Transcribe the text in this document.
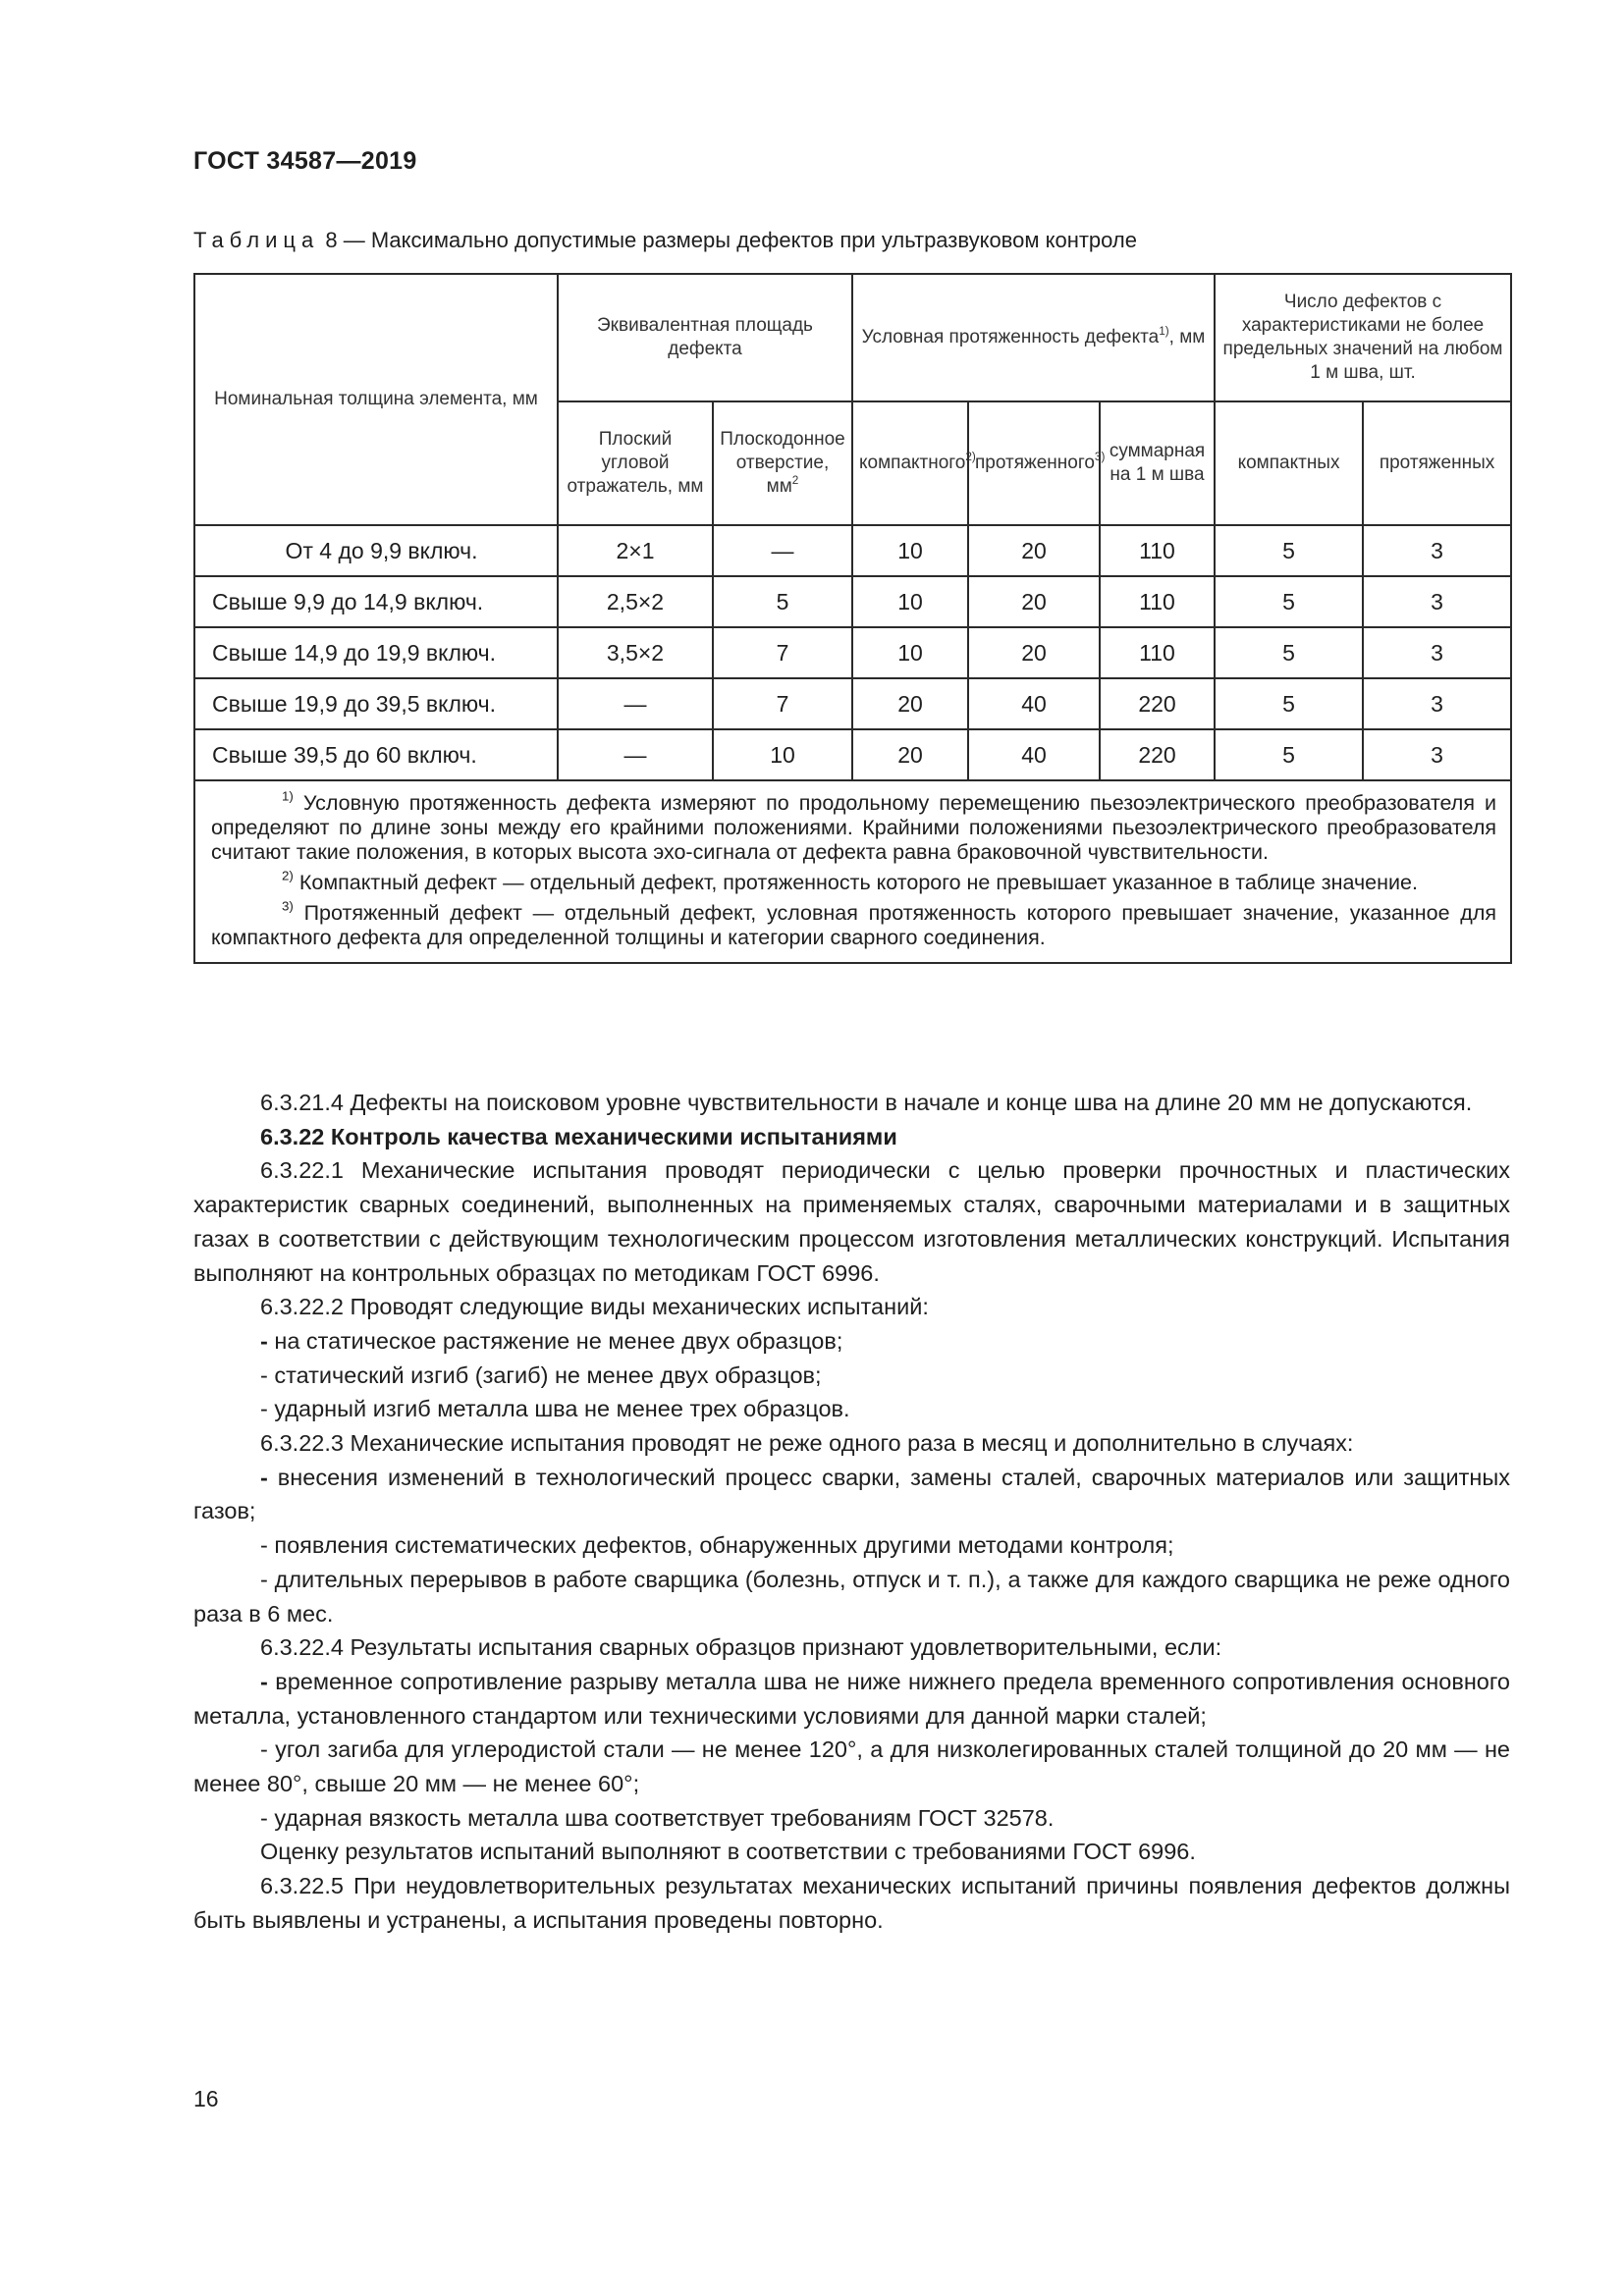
ГОСТ 34587—2019
Таблица 8 — Максимально допустимые размеры дефектов при ультразвуковом контроле
Номинальная толщина элемента, мм	Эквивалентная площадь дефекта		Условная протяженность дефекта$^{1)}$, мм			Число дефектов с характеристиками не более предельных значений на любом 1 м шва, шт.	
	Плоский угловой отражатель, мм	Плоскодонное отверстие, $мм^2$	компактного$^{2)}$	протяженного$^{3)}$	суммарная на 1 м шва	компактных	протяженных
От 4 до 9,9 включ.	2×1	—	10	20	110	5	3
Свыше 9,9 до 14,9 включ.	2,5×2	5	10	20	110	5	3
Свыше 14,9 до 19,9 включ.	3,5×2	7	10	20	110	5	3
Свыше 19,9 до 39,5 включ.	—	7	20	40	220	5	3
Свыше 39,5 до 60 включ.	—	10	20	40	220	5	3

$^{1)}$ Условную протяженность дефекта измеряют по продольному перемещению пьезоэлектрического преобразователя и определяют по длине зоны между его крайними положениями. Крайними положениями пьезоэлектрического преобразователя считают такие положения, в которых высота эхо-сигнала от дефекта равна браковочной чувствительности.

$^{2)}$ Компактный дефект — отдельный дефект, протяженность которого не превышает указанное в таблице значение.

$^{3)}$ Протяженный дефект — отдельный дефект, условная протяженность которого превышает значение, указанное для компактного дефекта для определенной толщины и категории сварного соединения.							

6.3.21.4 Дефекты на поисковом уровне чувствительности в начале и конце шва на длине 20 мм не допускаются.

6.3.22 Контроль качества механическими испытаниями

6.3.22.1 Механические испытания проводят периодически с целью проверки прочностных и пластических характеристик сварных соединений, выполненных на применяемых сталях, сварочными материалами и в защитных газах в соответствии с действующим технологическим процессом изготовления металлических конструкций. Испытания выполняют на контрольных образцах по методикам ГОСТ 6996.

6.3.22.2 Проводят следующие виды механических испытаний:

- на статическое растяжение не менее двух образцов;

- статический изгиб (загиб) не менее двух образцов;

- ударный изгиб металла шва не менее трех образцов.

6.3.22.3 Механические испытания проводят не реже одного раза в месяц и дополнительно в случаях:

- внесения изменений в технологический процесс сварки, замены сталей, сварочных материалов или защитных газов;

- появления систематических дефектов, обнаруженных другими методами контроля;

- длительных перерывов в работе сварщика (болезнь, отпуск и т. п.), а также для каждого сварщика не реже одного раза в 6 мес.

6.3.22.4 Результаты испытания сварных образцов признают удовлетворительными, если:

- временное сопротивление разрыву металла шва не ниже нижнего предела временного сопротивления основного металла, установленного стандартом или техническими условиями для данной марки сталей;

- угол загиба для углеродистой стали — не менее 120°, а для низколегированных сталей толщиной до 20 мм — не менее 80°, свыше 20 мм — не менее 60°;

- ударная вязкость металла шва соответствует требованиям ГОСТ 32578.

Оценку результатов испытаний выполняют в соответствии с требованиями ГОСТ 6996.

6.3.22.5 При неудовлетворительных результатах механических испытаний причины появления дефектов должны быть выявлены и устранены, а испытания проведены повторно.

16
